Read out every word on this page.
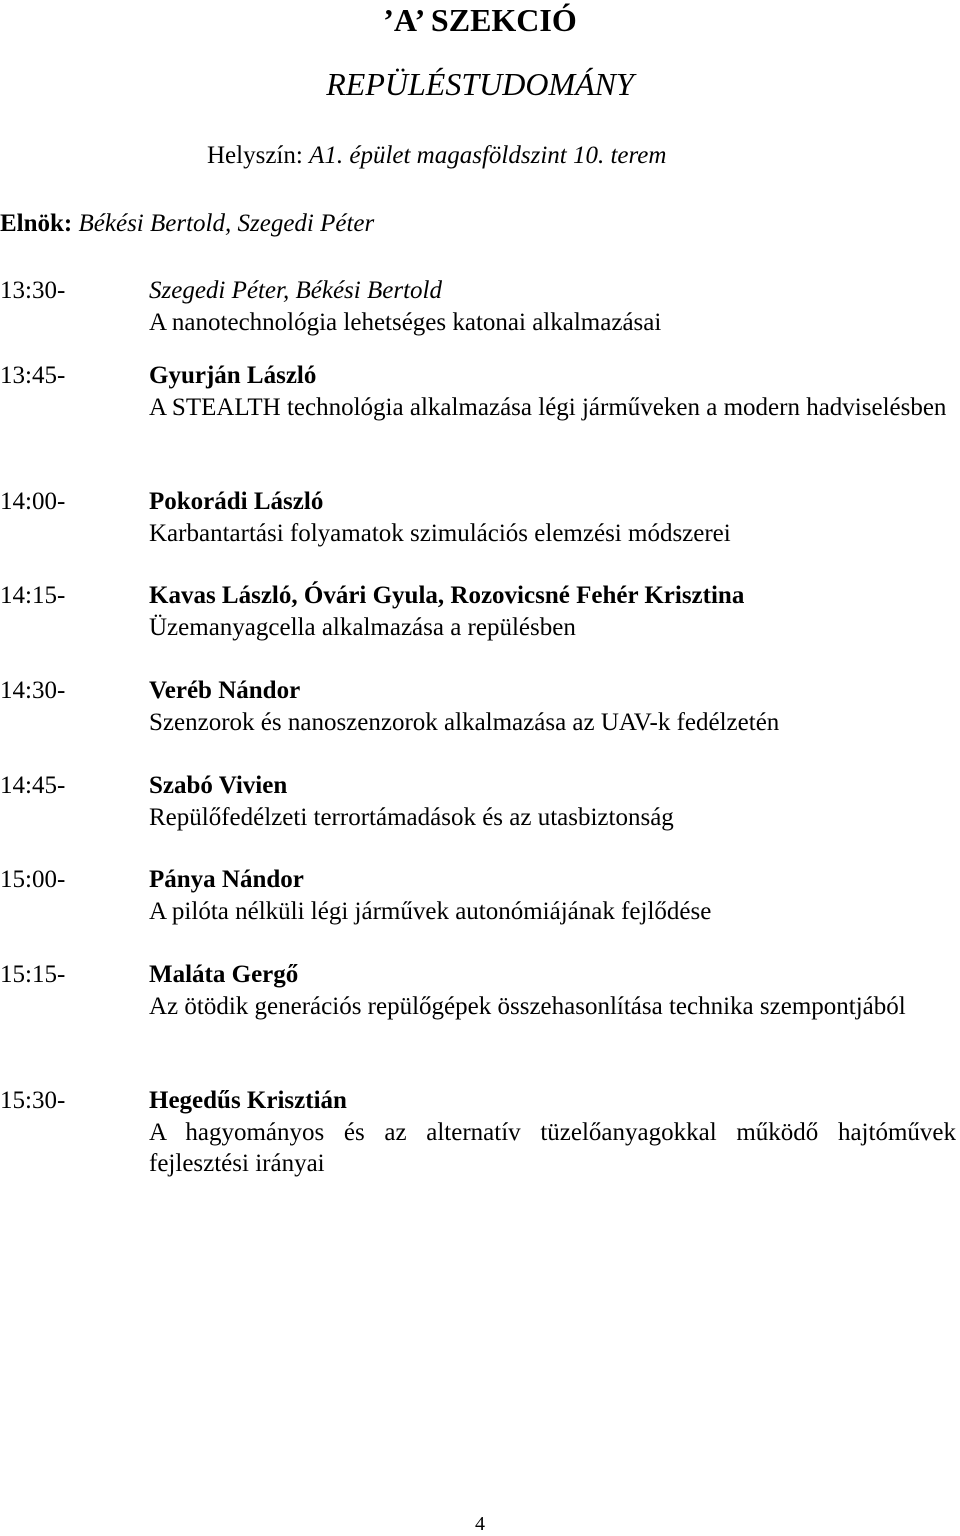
’A’ SZEKCIÓ
REPÜLÉSTUDOMÁNY
Helyszín: A1. épület magasföldszint 10. terem
Elnök: Békési Bertold, Szegedi Péter
13:30-	Szegedi Péter, Békési Bertold
A nanotechnológia lehetséges katonai alkalmazásai
13:45-	Gyurján László
A STEALTH technológia alkalmazása légi járműveken a modern hadviselésben
14:00-	Pokorádi László
Karbantartási folyamatok szimulációs elemzési módszerei
14:15-	Kavas László, Óvári Gyula, Rozovicsné Fehér Krisztina
Üzemanyagcella alkalmazása a repülésben
14:30-	Veréb Nándor
Szenzorok és nanoszenzorok alkalmazása az UAV-k fedélzetén
14:45-	Szabó Vivien
Repülőfedélzeti terrortámadások és az utasbiztonság
15:00-	Pánya Nándor
A pilóta nélküli légi járművek autonómiájának fejlődése
15:15-	Maláta Gergő
Az ötödik generációs repülőgépek összehasonlítása technika szempontjából
15:30-	Hegedűs Krisztián
A hagyományos és az alternatív tüzelőanyagokkal működő hajtóművek fejlesztési irányai
4
